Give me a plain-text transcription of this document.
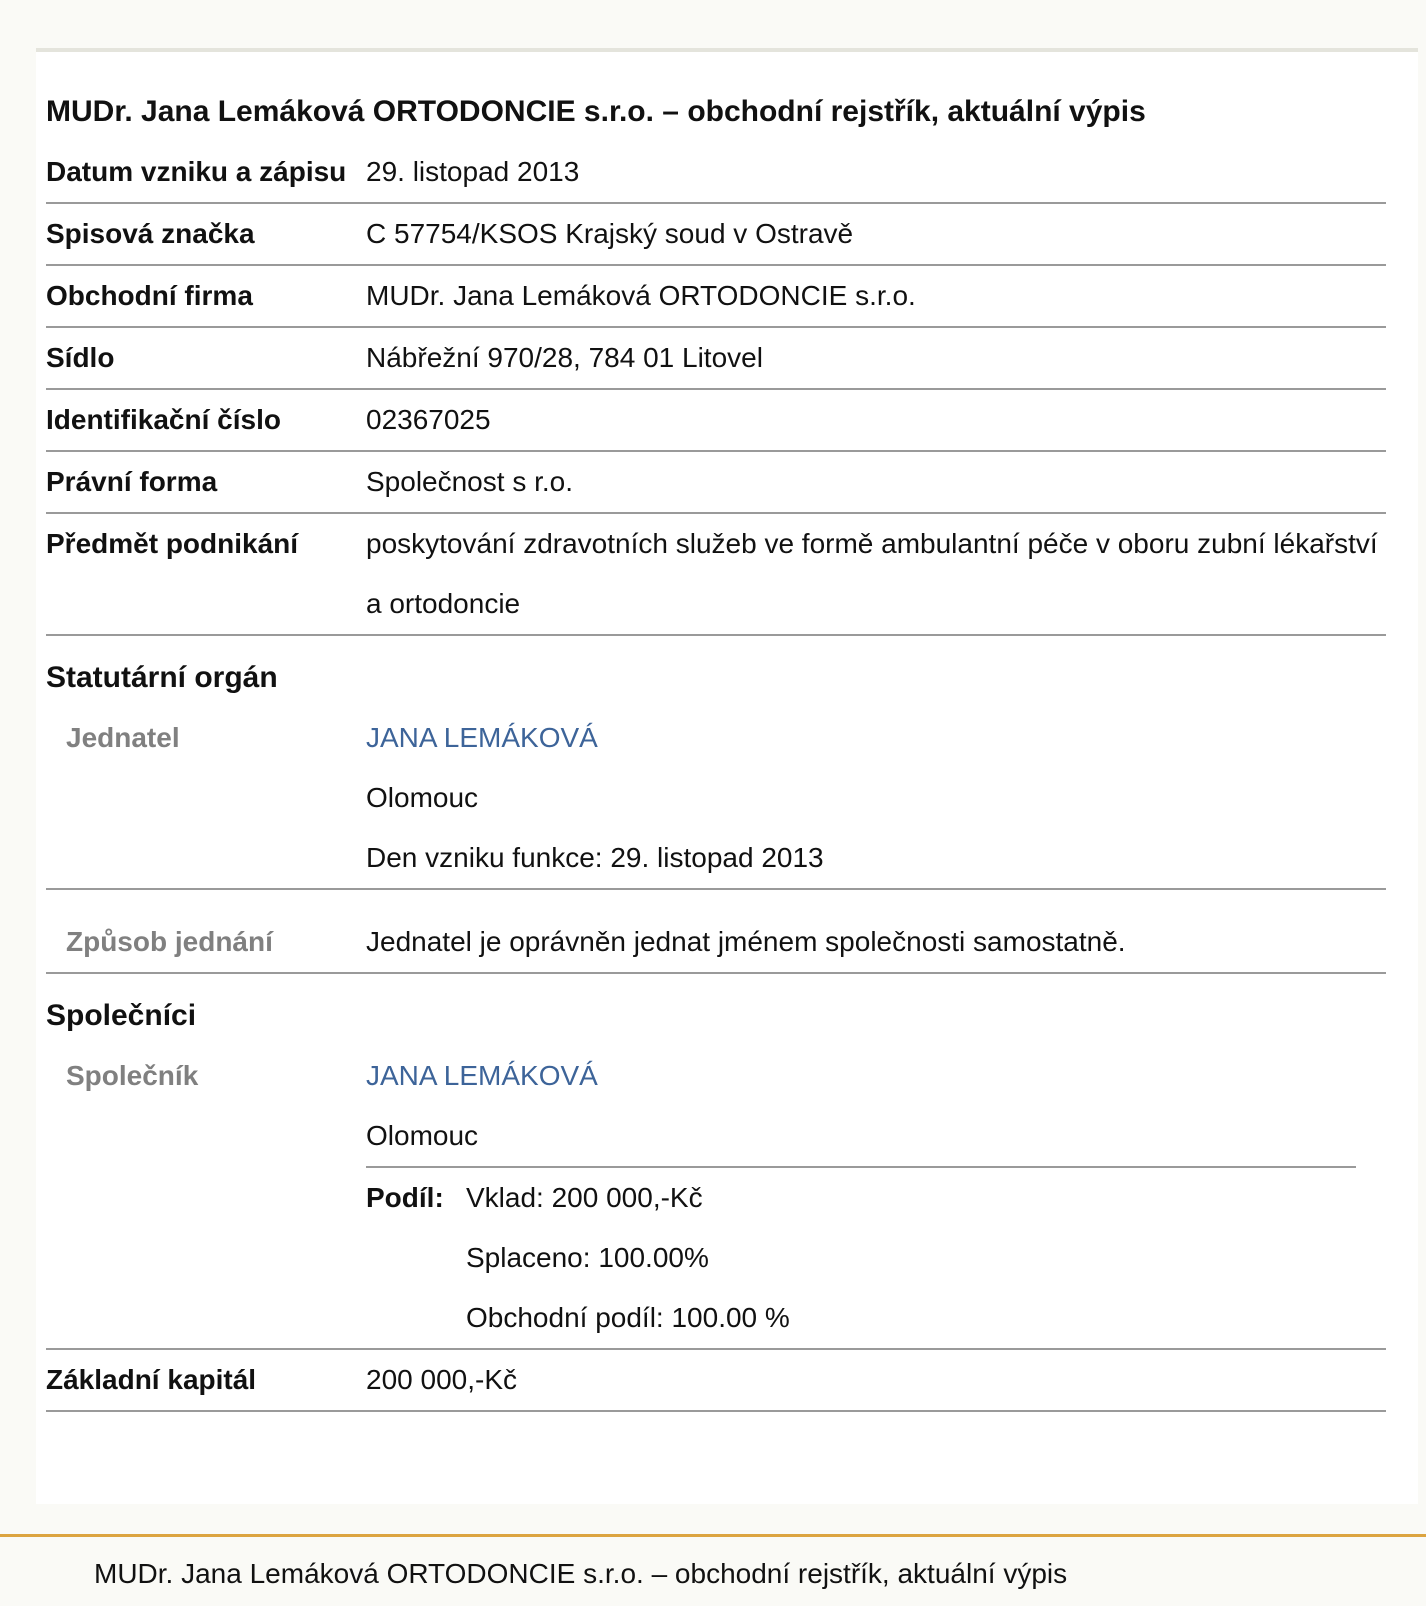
MUDr. Jana Lemáková ORTODONCIE s.r.o. – obchodní rejstřík, aktuální výpis
Datum vzniku a zápisu 29. listopad 2013
Spisová značka	C 57754/KSOS Krajský soud v Ostravě
Obchodní firma	MUDr. Jana Lemáková ORTODONCIE s.r.o.
Sídlo	Nábřežní 970/28, 784 01 Litovel
Identifikační číslo	02367025
Právní forma	Společnost s r.o.
Předmět podnikání	poskytování zdravotních služeb ve formě ambulantní péče v oboru zubní lékařství a ortodoncie
Statutární orgán
Jednatel	JANA LEMÁKOVÁ
Olomouc
Den vzniku funkce: 29. listopad 2013
Způsob jednání	Jednatel je oprávněn jednat jménem společnosti samostatně.
Společníci
Společník	JANA LEMÁKOVÁ
Olomouc
Podíl: Vklad: 200 000,-Kč
Splaceno: 100.00%
Obchodní podíl: 100.00 %
Základní kapitál	200 000,-Kč
MUDr. Jana Lemáková ORTODONCIE s.r.o. – obchodní rejstřík, aktuální výpis
